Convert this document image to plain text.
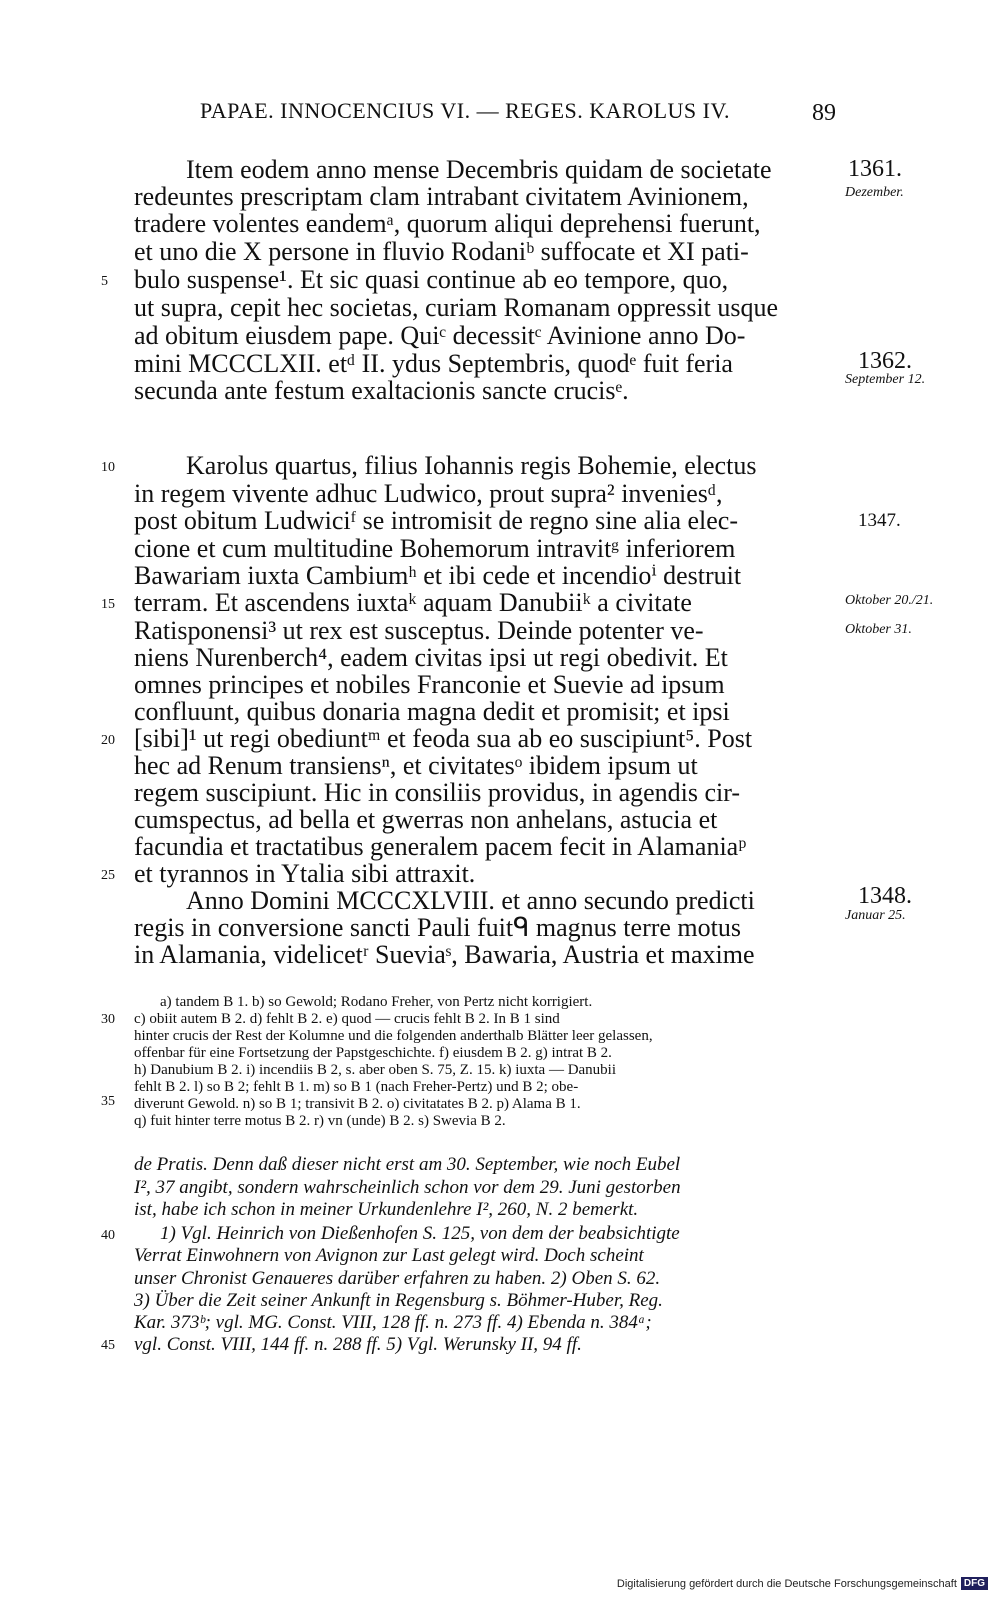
PAPAE. INNOCENCIUS VI. — REGES. KAROLUS IV.	89
Item eodem anno mense Decembris quidam de societate
redeuntes prescriptam clam intrabant civitatem Avinionem,
tradere volentes eandemᵃ, quorum aliqui deprehensi fuerunt,
et uno die X persone in fluvio Rodaniᵇ suffocate et XI pati-
bulo suspense¹. Et sic quasi continue ab eo tempore, quo,
ut supra, cepit hec societas, curiam Romanam oppressit usque
ad obitum eiusdem pape. Quiᶜ decessitᶜ Avinione anno Do-
mini MCCCLXII. etᵈ II. ydus Septembris, quodᵉ fuit feria
secunda ante festum exaltacionis sancte crucisᵉ.
Karolus quartus, filius Iohannis regis Bohemie, electus
in regem vivente adhuc Ludwico, prout supra² inveniesᵈ,
post obitum Ludwiciᶠ se intromisit de regno sine alia elec-
cione et cum multitudine Bohemorum intravitᵍ inferiorem
Bawariam iuxta Cambiumʰ et ibi cede et incendioⁱ destruit
terram. Et ascendens iuxtaᵏ aquam Danubiiᵏ a civitate
Ratisponensi³ ut rex est susceptus. Deinde potenter ve-
niens Nurenberch⁴, eadem civitas ipsi ut regi obedivit. Et
omnes principes et nobiles Franconie et Suevie ad ipsum
confluunt, quibus donaria magna dedit et promisit; et ipsi
[sibi]¹ ut regi obediuntᵐ et feoda sua ab eo suscipiunt⁵. Post
hec ad Renum transiensⁿ, et civitatesᵒ ibidem ipsum ut
regem suscipiunt. Hic in consiliis providus, in agendis cir-
cumspectus, ad bella et gwerras non anhelans, astucia et
facundia et tractatibus generalem pacem fecit in Alamaniaᵖ
et tyrannos in Ytalia sibi attraxit.
Anno Domini MCCCXLVIII. et anno secundo predicti
regis in conversione sancti Pauli fuitᑫ magnus terre motus
in Alamania, videlicetʳ Sueviaˢ, Bawaria, Austria et maxime
5
10
15
20
25
30
35
40
45
1361.
Dezember.
1362.
September 12.
1347.
Oktober 20./21.
Oktober 31.
1348.
Januar 25.
a) tandem B 1. b) so Gewold; Rodano Freher, von Pertz nicht korrigiert.
c) obiit autem B 2. d) fehlt B 2. e) quod — crucis fehlt B 2. In B 1 sind
hinter crucis der Rest der Kolumne und die folgenden anderthalb Blätter leer gelassen,
offenbar für eine Fortsetzung der Papstgeschichte. f) eiusdem B 2. g) intrat B 2.
h) Danubium B 2. i) incendiis B 2, s. aber oben S. 75, Z. 15. k) iuxta — Danubii
fehlt B 2. l) so B 2; fehlt B 1. m) so B 1 (nach Freher-Pertz) und B 2; obe-
diverunt Gewold. n) so B 1; transivit B 2. o) civitatates B 2. p) Alama B 1.
q) fuit hinter terre motus B 2. r) vn (unde) B 2. s) Swevia B 2.
de Pratis. Denn daß dieser nicht erst am 30. September, wie noch Eubel
I², 37 angibt, sondern wahrscheinlich schon vor dem 29. Juni gestorben
ist, habe ich schon in meiner Urkundenlehre I², 260, N. 2 bemerkt.
1) Vgl. Heinrich von Dießenhofen S. 125, von dem der beabsichtigte
Verrat Einwohnern von Avignon zur Last gelegt wird. Doch scheint
unser Chronist Genaueres darüber erfahren zu haben. 2) Oben S. 62.
3) Über die Zeit seiner Ankunft in Regensburg s. Böhmer-Huber, Reg.
Kar. 373ᵇ; vgl. MG. Const. VIII, 128 ff. n. 273 ff. 4) Ebenda n. 384ᵃ;
vgl. Const. VIII, 144 ff. n. 288 ff. 5) Vgl. Werunsky II, 94 ff.
Digitalisierung gefördert durch die Deutsche Forschungsgemeinschaft DFG
